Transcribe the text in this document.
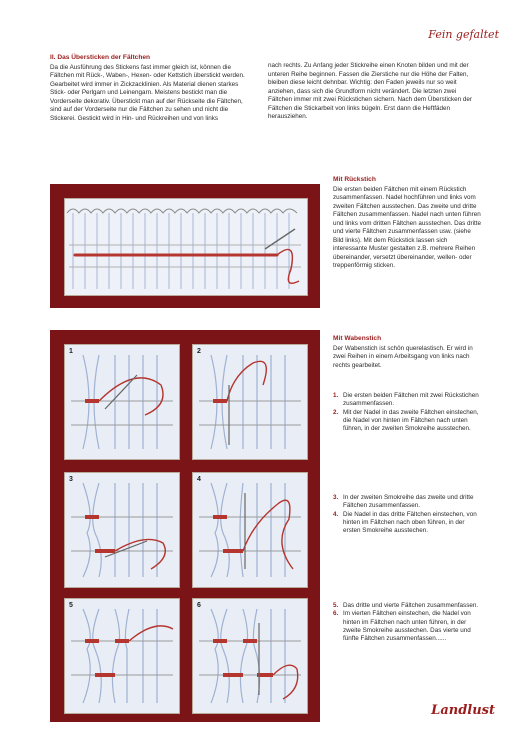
Fein gefaltet

II. Das Übersticken der Fältchen

Da die Ausführung des Stickens fast immer gleich ist, können die Fältchen mit Rück-, Waben-, Hexen- oder Kettstich überstickt werden. Gearbeitet wird immer in Zickzacklinien. Als Material dienen starkes Stick- oder Perlgarn und Leinengarn. Meistens bestickt man die Vorderseite dekorativ. Überstickt man auf der Rückseite die Fältchen, sind auf der Vorderseite nur die Fältchen zu sehen und nicht die Stickerei. Gestickt wird in Hin- und Rückreihen und von links

nach rechts. Zu Anfang jeder Stickreihe einen Knoten bilden und mit der unteren Reihe beginnen. Fassen die Zierstiche nur die Höhe der Falten, bleiben diese leicht dehnbar. Wichtig: den Faden jeweils nur so weit anziehen, dass sich die Grundform nicht verändert. Die letzten zwei Fältchen immer mit zwei Rückstichen sichern. Nach dem Übersticken der Fältchen die Stickarbeit von links bügeln. Erst dann die Heftfäden herausziehen.

Mit Rückstich

Die ersten beiden Fältchen mit einem Rückstich zusammenfassen. Nadel hochführen und links vom zweiten Fältchen ausstechen. Das zweite und dritte Fältchen zusammenfassen. Nadel nach unten führen und links vom dritten Fältchen ausstechen. Das dritte und vierte Fältchen zusammenfassen usw. (siehe Bild links). Mit dem Rückstick lassen sich interessante Muster gestalten z.B. mehrere Reihen übereinander, versetzt übereinander, wellen- oder treppenförmig sticken.

1	2
3	4
5	6

Mit Wabenstich

Der Wabenstich ist schön querelastisch. Er wird in zwei Reihen in einem Arbeitsgang von links nach rechts gearbeitet.

1. Die ersten beiden Fältchen mit zwei Rückstichen zusammenfassen.

2. Mit der Nadel in das zweite Fältchen einstechen, die Nadel von hinten im Fältchen nach unten führen, in der zweiten Smokreihe ausstechen.

3. In der zweiten Smokreihe das zweite und dritte Fältchen zusammenfassen.

4. Die Nadel in das dritte Fältchen einstechen, von hinten im Fältchen nach oben führen, in der ersten Smokreihe ausstechen.

5. Das dritte und vierte Fältchen zusammenfassen.

6. Im vierten Fältchen einstechen, die Nadel von hinten im Fältchen nach unten führen, in der zweite Smokreihe ausstechen. Das vierte und fünfte Fältchen zusammenfassen......

Landlust
